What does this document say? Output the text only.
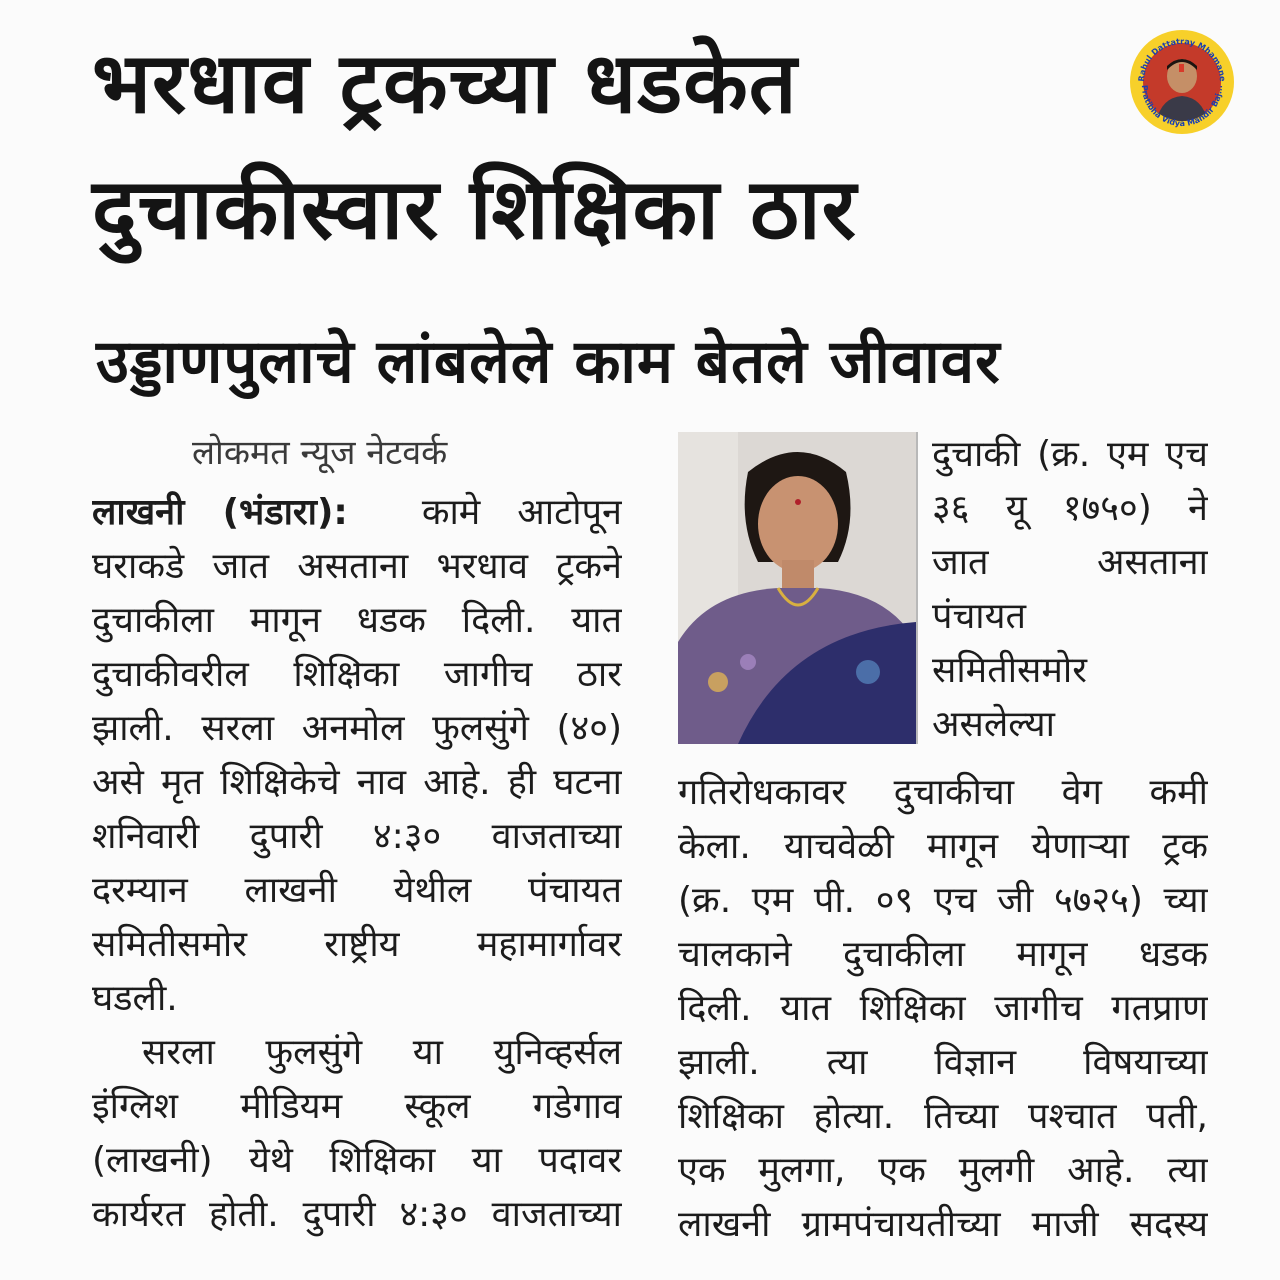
भरधाव ट्रकच्या धडकेत
दुचाकीस्वार शिक्षिका ठार
उड्डाणपुलाचे लांबलेले काम बेतले जीवावर
Rahul Dattatray Mhamane
Pratibha Vidya Mandir Baj...
लोकमत न्यूज नेटवर्क
लाखनी (भंडारा): कामे आटोपून
घराकडे जात असताना भरधाव ट्रकने
दुचाकीला मागून धडक दिली. यात
दुचाकीवरील शिक्षिका जागीच ठार
झाली. सरला अनमोल फुलसुंगे (४०)
असे मृत शिक्षिकेचे नाव आहे. ही घटना
शनिवारी दुपारी ४:३० वाजताच्या
दरम्यान लाखनी येथील पंचायत
समितीसमोर राष्ट्रीय महामार्गावर
घडली.
सरला फुलसुंगे या युनिव्हर्सल
इंग्लिश मीडियम स्कूल गडेगाव
(लाखनी) येथे शिक्षिका या पदावर
कार्यरत होती. दुपारी ४:३० वाजताच्या
दुचाकी (क्र. एम एच
३६ यू १७५०) ने
जात असताना
पंचायत
समितीसमोर
असलेल्या
गतिरोधकावर दुचाकीचा वेग कमी
केला. याचवेळी मागून येणाऱ्या ट्रक
(क्र. एम पी. ०९ एच जी ५७२५) च्या
चालकाने दुचाकीला मागून धडक
दिली. यात शिक्षिका जागीच गतप्राण
झाली. त्या विज्ञान विषयाच्या
शिक्षिका होत्या. तिच्या पश्चात पती,
एक मुलगा, एक मुलगी आहे. त्या
लाखनी ग्रामपंचायतीच्या माजी सदस्य
